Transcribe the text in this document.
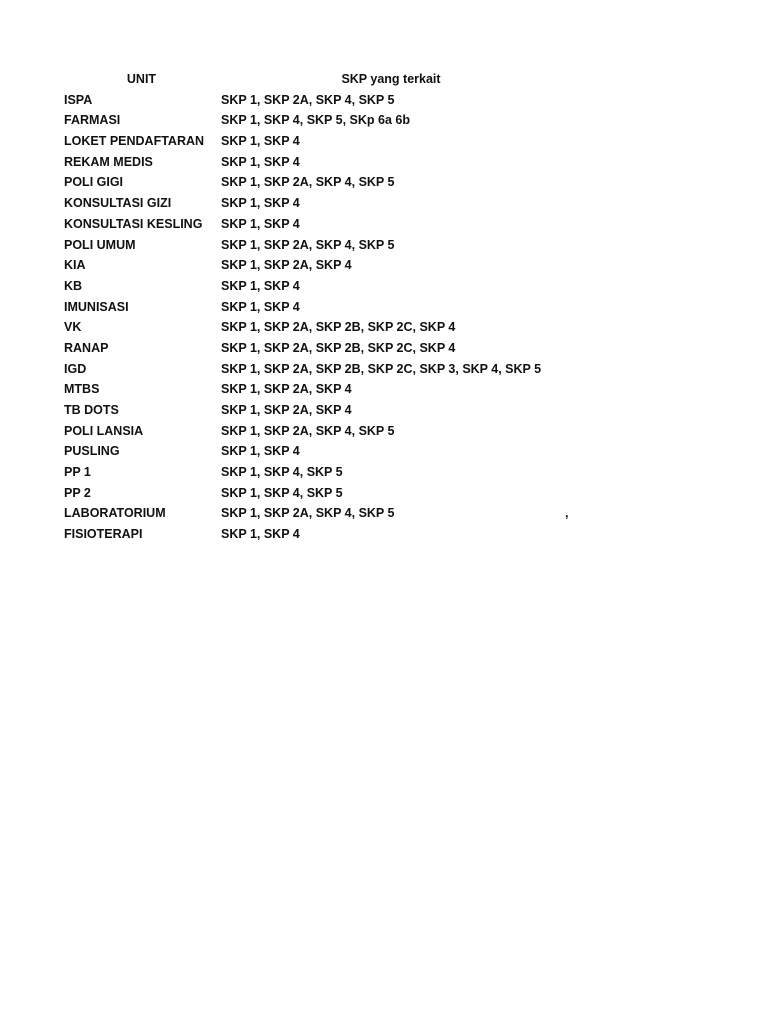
UNIT	SKP yang terkait
ISPA	SKP 1, SKP 2A, SKP 4, SKP 5
FARMASI	SKP 1, SKP 4, SKP 5, SKp 6a 6b
LOKET PENDAFTARAN	SKP 1, SKP 4
REKAM MEDIS	SKP 1, SKP 4
POLI GIGI	SKP 1, SKP 2A, SKP 4, SKP 5
KONSULTASI GIZI	SKP 1, SKP 4
KONSULTASI KESLING	SKP 1, SKP 4
POLI UMUM	SKP 1, SKP 2A, SKP 4, SKP 5
KIA	SKP 1, SKP 2A, SKP 4
KB	SKP 1, SKP 4
IMUNISASI	SKP 1, SKP 4
VK	SKP 1, SKP 2A, SKP 2B, SKP 2C, SKP 4
RANAP	SKP 1, SKP 2A, SKP 2B, SKP 2C, SKP 4
IGD	SKP 1, SKP 2A, SKP 2B, SKP 2C, SKP 3, SKP 4, SKP 5
MTBS	SKP 1, SKP 2A, SKP 4
TB DOTS	SKP 1, SKP 2A, SKP 4
POLI LANSIA	SKP 1, SKP 2A, SKP 4, SKP 5
PUSLING	SKP 1, SKP 4
PP 1	SKP 1, SKP 4, SKP 5
PP 2	SKP 1, SKP 4, SKP 5
LABORATORIUM	SKP 1, SKP 2A, SKP 4, SKP 5	,
FISIOTERAPI	SKP 1, SKP 4
